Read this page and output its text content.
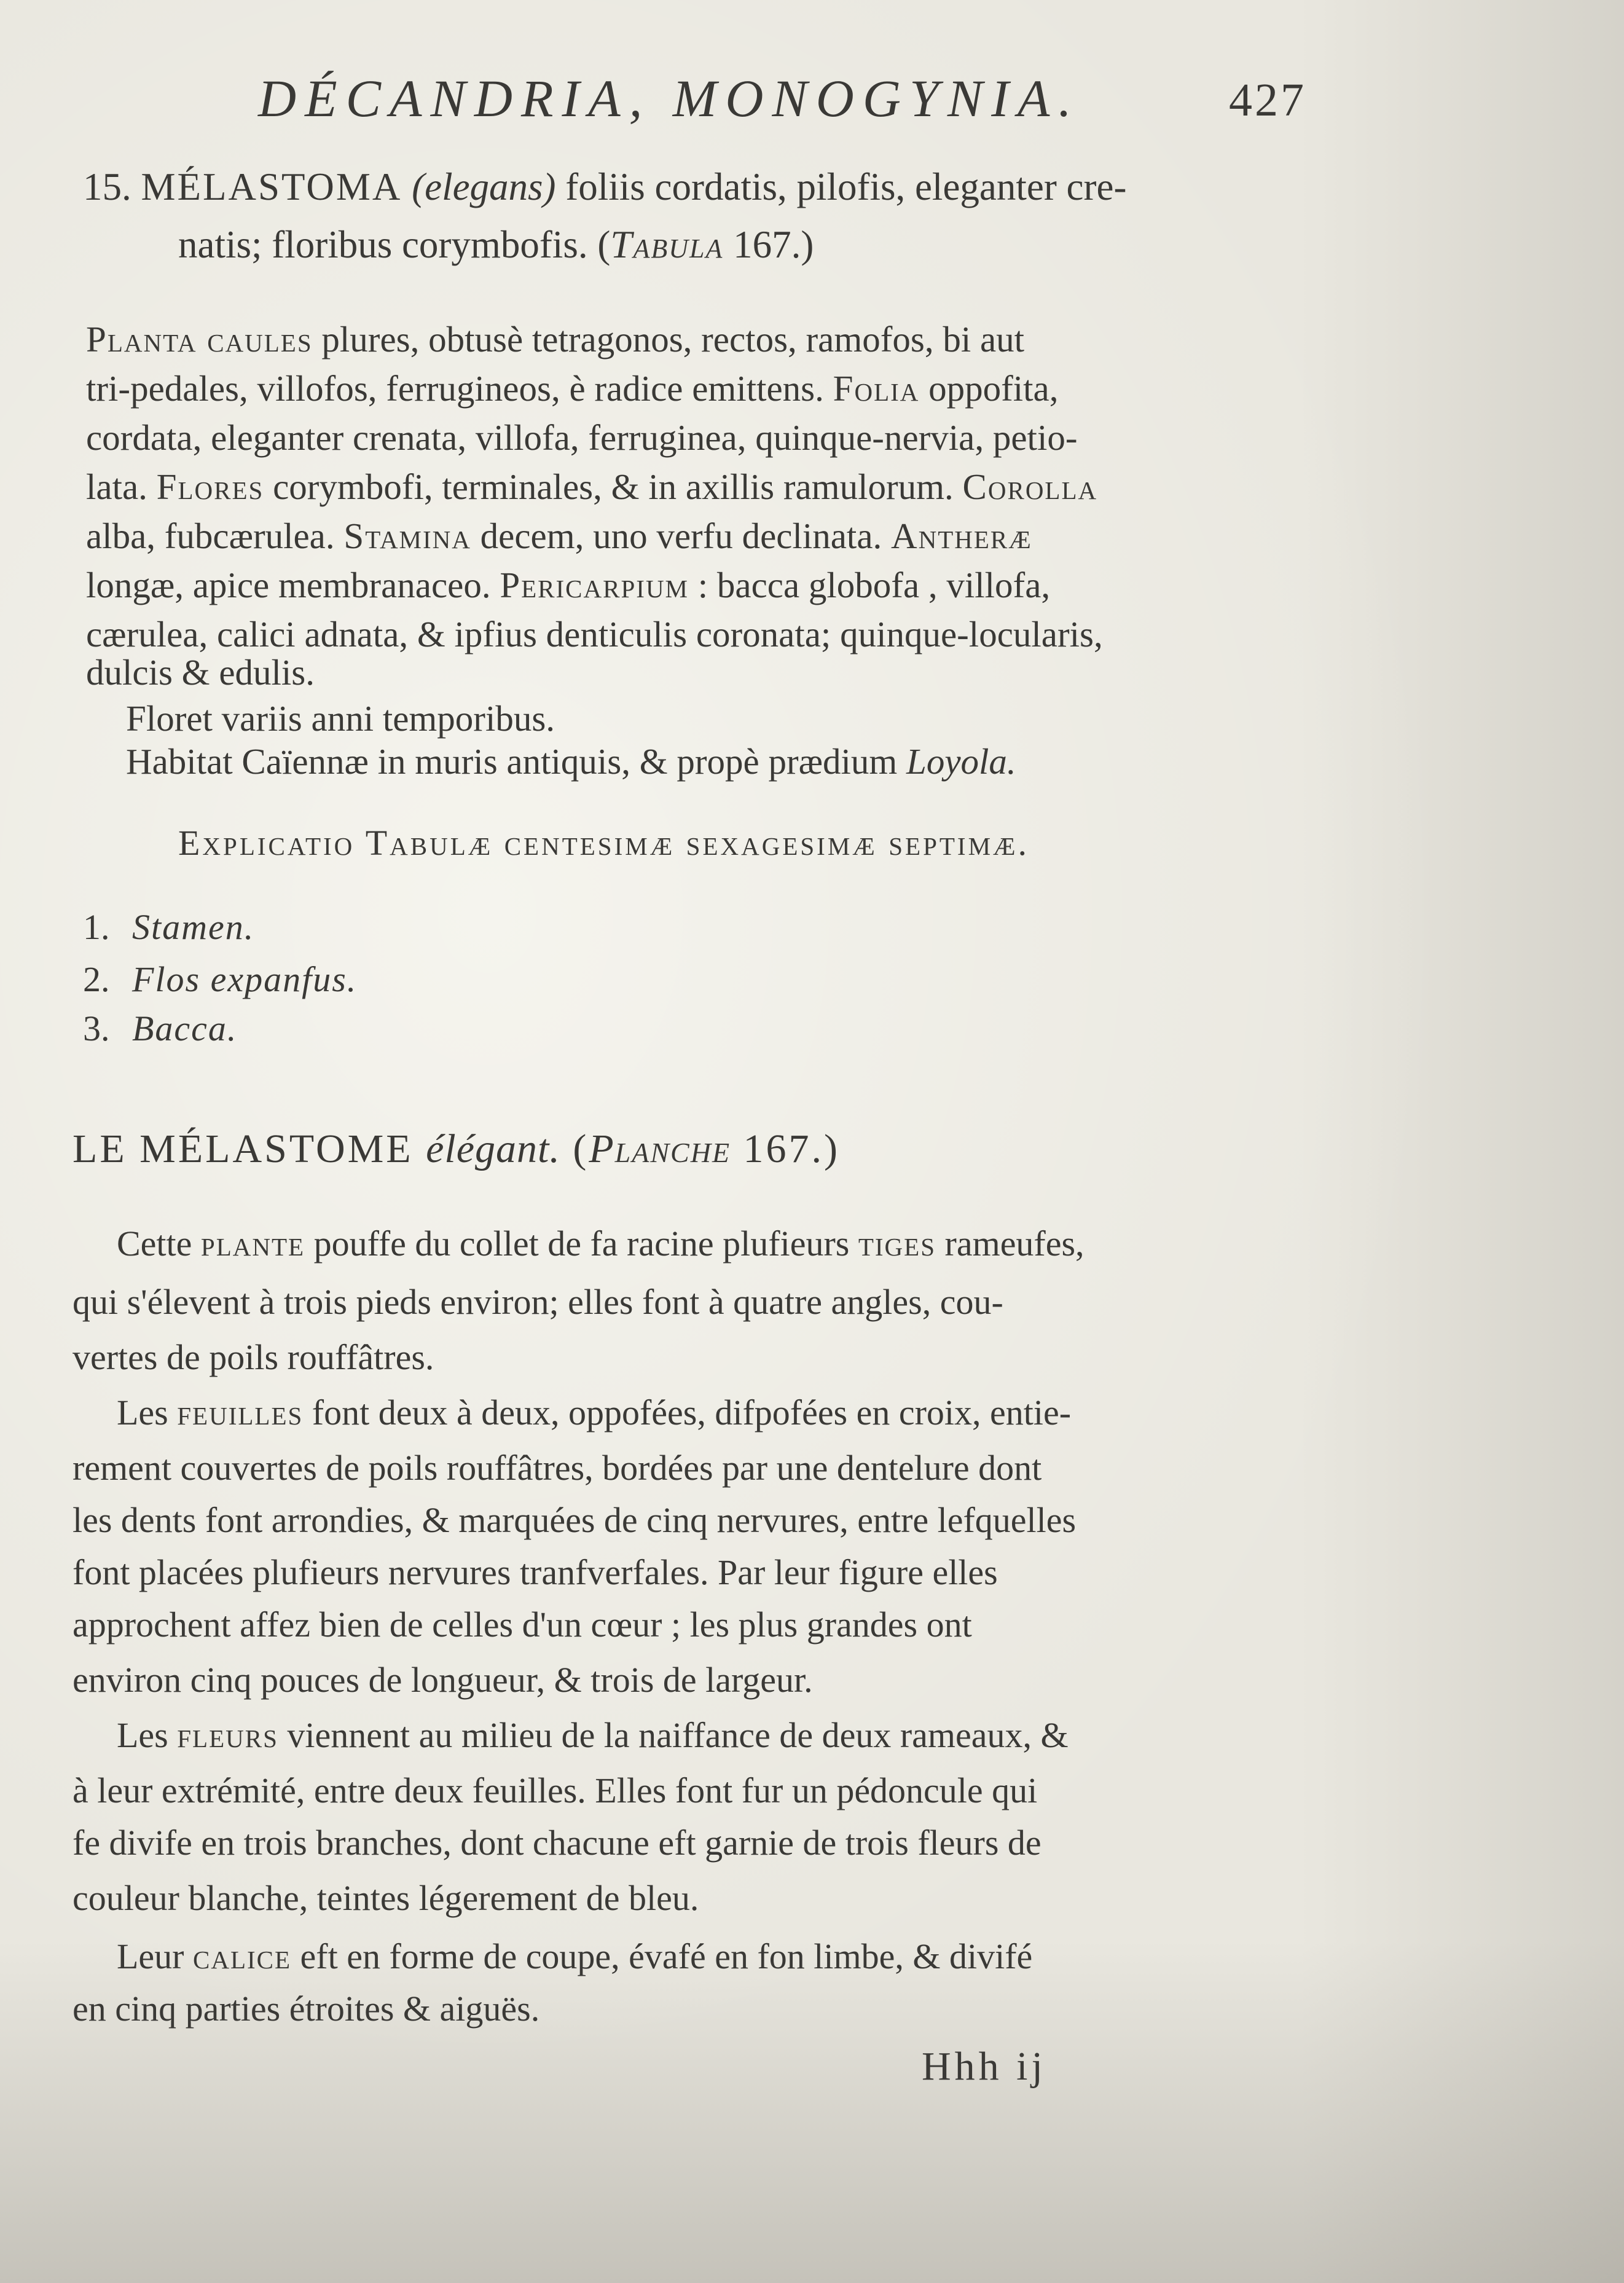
DÉCANDRIA, MONOGYNIA.	427
15. MÉLASTOMA (elegans) foliis cordatis, pilofis, eleganter cre-
natis; floribus corymbofis. (Tabula 167.)
Planta caules plures, obtusè tetragonos, rectos, ramofos, bi aut
tri-pedales, villofos, ferrugineos, è radice emittens. Folia oppofita,
cordata, eleganter crenata, villofa, ferruginea, quinque-nervia, petio-
lata. Flores corymbofi, terminales, & in axillis ramulorum. Corolla
alba, fubcærulea. Stamina decem, uno verfu declinata. Antheræ
longæ, apice membranaceo. Pericarpium : bacca globofa , villofa,
cærulea, calici adnata, & ipfius denticulis coronata; quinque-locularis,
dulcis & edulis.
Floret variis anni temporibus.
Habitat Caïennæ in muris antiquis, & propè prædium Loyola.
Explicatio Tabulæ centesimæ sexagesimæ septimæ.
1. Stamen.
2. Flos expanfus.
3. Bacca.
LE MÉLASTOME élégant. (Planche 167.)
Cette plante pouffe du collet de fa racine plufieurs tiges rameufes,
qui s'élevent à trois pieds environ; elles font à quatre angles, cou-
vertes de poils rouffâtres.
Les feuilles font deux à deux, oppofées, difpofées en croix, entie-
rement couvertes de poils rouffâtres, bordées par une dentelure dont
les dents font arrondies, & marquées de cinq nervures, entre lefquelles
font placées plufieurs nervures tranfverfales. Par leur figure elles
approchent affez bien de celles d'un cœur ; les plus grandes ont
environ cinq pouces de longueur, & trois de largeur.
Les fleurs viennent au milieu de la naiffance de deux rameaux, &
à leur extrémité, entre deux feuilles. Elles font fur un pédoncule qui
fe divife en trois branches, dont chacune eft garnie de trois fleurs de
couleur blanche, teintes légerement de bleu.
Leur calice eft en forme de coupe, évafé en fon limbe, & divifé
en cinq parties étroites & aiguës.
Hhh ij
